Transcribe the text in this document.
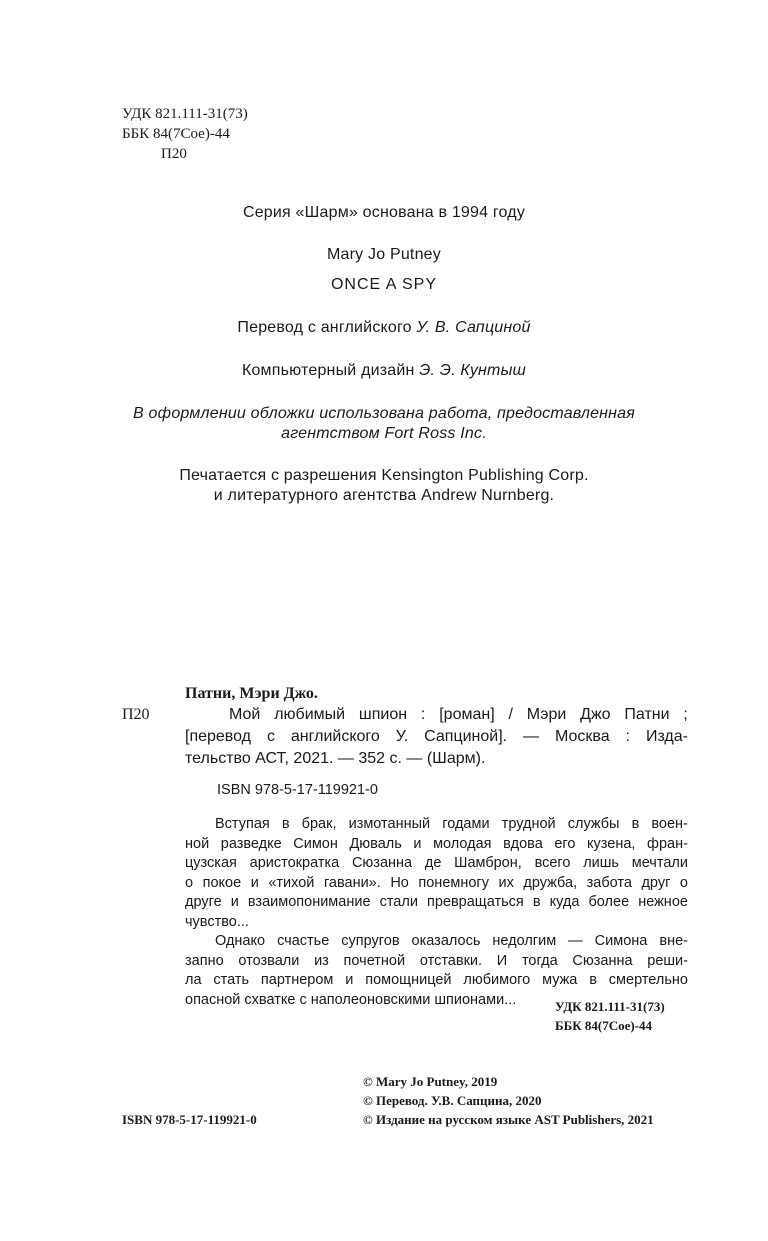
УДК 821.111-31(73)
ББК 84(7Сое)-44
П20
Серия «Шарм» основана в 1994 году
Mary Jo Putney
ONCE A SPY
Перевод с английского У. В. Сапциной
Компьютерный дизайн Э. Э. Кунтыш
В оформлении обложки использована работа, предоставленная
агентством Fort Ross Inc.
Печатается с разрешения Kensington Publishing Corp.
и литературного агентства Andrew Nurnberg.
Патни, Мэри Джо.
П20	Мой любимый шпион : [роман] / Мэри Джо Патни ;
[перевод с английского У. Сапциной]. — Москва : Изда-
тельство АСТ, 2021. — 352 с. — (Шарм).
ISBN 978-5-17-119921-0
Вступая в брак, измотанный годами трудной службы в воен-
ной разведке Симон Дюваль и молодая вдова его кузена, фран-
цузская аристократка Сюзанна де Шамброн, всего лишь мечтали
о покое и «тихой гавани». Но понемногу их дружба, забота друг о
друге и взаимопонимание стали превращаться в куда более нежное
чувство...
Однако счастье супругов оказалось недолгим — Симона вне-
запно отозвали из почетной отставки. И тогда Сюзанна реши-
ла стать партнером и помощницей любимого мужа в смертельно
опасной схватке с наполеоновскими шпионами...	УДК 821.111-31(73)
ББК 84(7Сое)-44
© Mary Jo Putney, 2019
© Перевод. У.В. Сапцина, 2020
© Издание на русском языке AST Publishers, 2021
ISBN 978-5-17-119921-0
